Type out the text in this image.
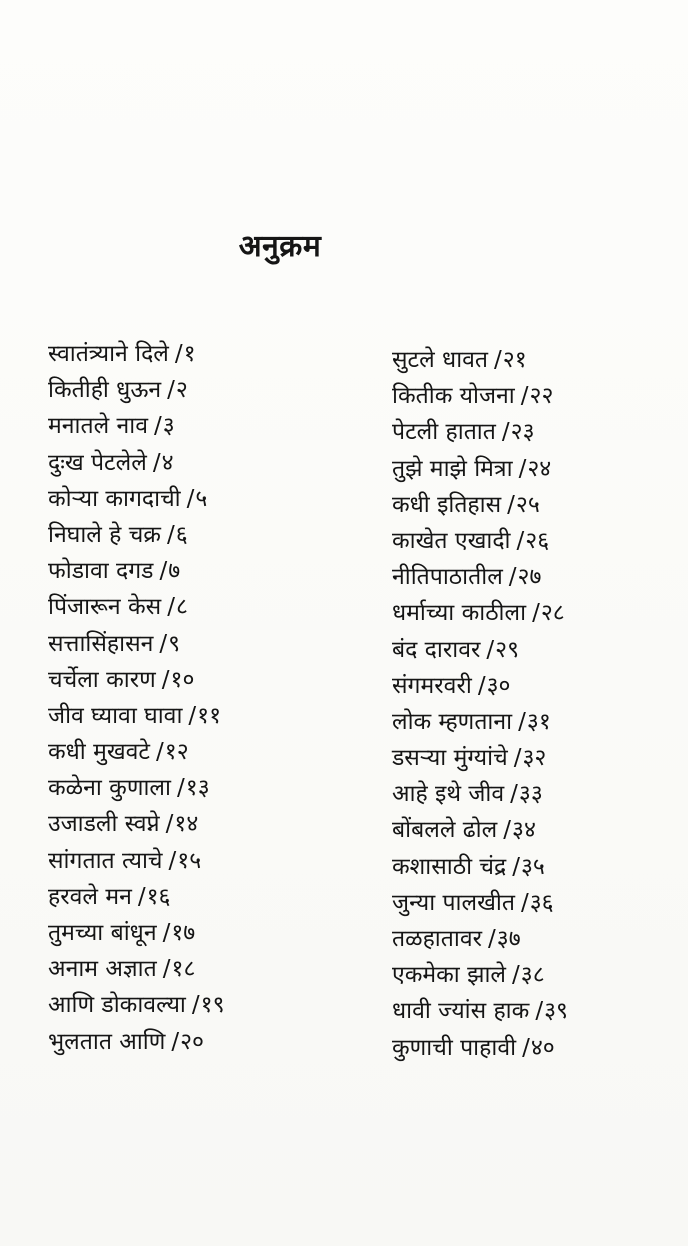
अनुक्रम
स्वातंत्र्याने दिले /१
कितीही धुऊन /२
मनातले नाव /३
दुःख पेटलेले /४
कोऱ्या कागदाची /५
निघाले हे चक्र /६
फोडावा दगड /७
पिंजारून केस /८
सत्तासिंहासन /९
चर्चेला कारण /१०
जीव घ्यावा घावा /११
कधी मुखवटे /१२
कळेना कुणाला /१३
उजाडली स्वप्ने /१४
सांगतात त्याचे /१५
हरवले मन /१६
तुमच्या बांधून /१७
अनाम अज्ञात /१८
आणि डोकावल्या /१९
भुलतात आणि /२०
सुटले धावत /२१
कितीक योजना /२२
पेटली हातात /२३
तुझे माझे मित्रा /२४
कधी इतिहास /२५
काखेत एखादी /२६
नीतिपाठातील /२७
धर्माच्या काठीला /२८
बंद दारावर /२९
संगमरवरी /३०
लोक म्हणताना /३१
डसऱ्या मुंग्यांचे /३२
आहे इथे जीव /३३
बोंबलले ढोल /३४
कशासाठी चंद्र /३५
जुन्या पालखीत /३६
तळहातावर /३७
एकमेका झाले /३८
धावी ज्यांस हाक /३९
कुणाची पाहावी /४०
